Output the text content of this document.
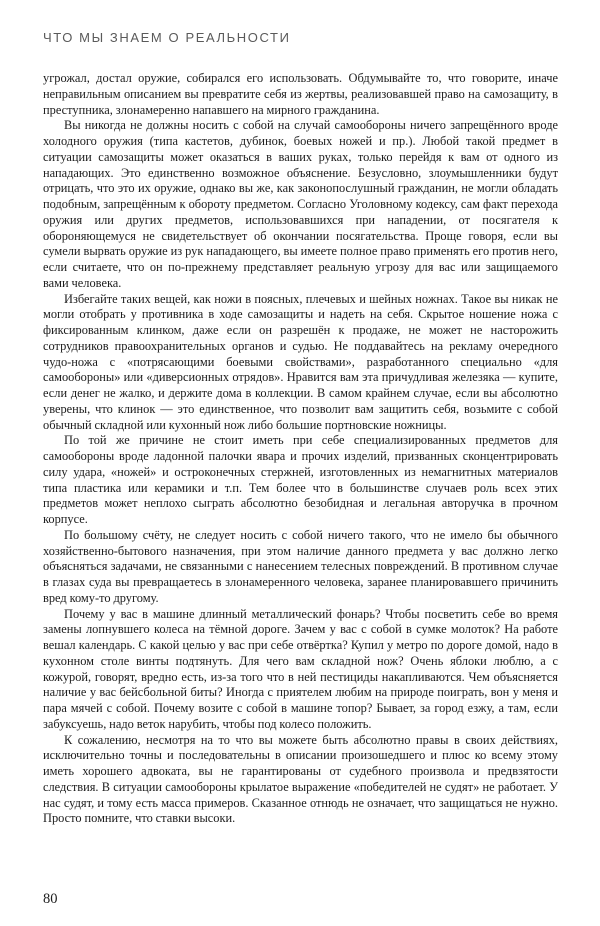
ЧТО МЫ ЗНАЕМ О РЕАЛЬНОСТИ

угрожал, достал оружие, собирался его использовать. Обдумывайте то, что говорите, иначе неправильным описанием вы превратите себя из жертвы, реализовавшей право на самозащиту, в преступника, злонамеренно напавшего на мирного гражданина.

Вы никогда не должны носить с собой на случай самообороны ничего запрещённого вроде холодного оружия (типа кастетов, дубинок, боевых ножей и пр.). Любой такой предмет в ситуации самозащиты может оказаться в ваших руках, только перейдя к вам от одного из нападающих. Это единственно возможное объяснение. Безусловно, злоумышленники будут отрицать, что это их оружие, однако вы же, как законопослушный гражданин, не могли обладать подобным, запрещённым к обороту предметом. Согласно Уголовному кодексу, сам факт перехода оружия или других предметов, использовавшихся при нападении, от посягателя к обороняющемуся не свидетельствует об окончании посягательства. Проще говоря, если вы сумели вырвать оружие из рук нападающего, вы имеете полное право применять его против него, если считаете, что он по-прежнему представляет реальную угрозу для вас или защищаемого вами человека.

Избегайте таких вещей, как ножи в поясных, плечевых и шейных ножнах. Такое вы никак не могли отобрать у противника в ходе самозащиты и надеть на себя. Скрытое ношение ножа с фиксированным клинком, даже если он разрешён к продаже, не может не насторожить сотрудников правоохранительных органов и судью. Не поддавайтесь на рекламу очередного чудо-ножа с «потрясающими боевыми свойствами», разработанного специально «для самообороны» или «диверсионных отрядов». Нравится вам эта причудливая железяка — купите, если денег не жалко, и держите дома в коллекции. В самом крайнем случае, если вы абсолютно уверены, что клинок — это единственное, что позволит вам защитить себя, возьмите с собой обычный складной или кухонный нож либо большие портновские ножницы.

По той же причине не стоит иметь при себе специализированных предметов для самообороны вроде ладонной палочки явара и прочих изделий, призванных сконцентрировать силу удара, «ножей» и остроконечных стержней, изготовленных из немагнитных материалов типа пластика или керамики и т.п. Тем более что в большинстве случаев роль всех этих предметов может неплохо сыграть абсолютно безобидная и легальная авторучка в прочном корпусе.

По большому счёту, не следует носить с собой ничего такого, что не имело бы обычного хозяйственно-бытового назначения, при этом наличие данного предмета у вас должно легко объясняться задачами, не связанными с нанесением телесных повреждений. В противном случае в глазах суда вы превращаетесь в злонамеренного человека, заранее планировавшего причинить вред кому-то другому.

Почему у вас в машине длинный металлический фонарь? Чтобы посветить себе во время замены лопнувшего колеса на тёмной дороге. Зачем у вас с собой в сумке молоток? На работе вешал календарь. С какой целью у вас при себе отвёртка? Купил у метро по дороге домой, надо в кухонном столе винты подтянуть. Для чего вам складной нож? Очень яблоки люблю, а с кожурой, говорят, вредно есть, из-за того что в ней пестициды накапливаются. Чем объясняется наличие у вас бейсбольной биты? Иногда с приятелем любим на природе поиграть, вон у меня и пара мячей с собой. Почему возите с собой в машине топор? Бывает, за город езжу, а там, если забуксуешь, надо веток нарубить, чтобы под колесо положить.

К сожалению, несмотря на то что вы можете быть абсолютно правы в своих действиях, исключительно точны и последовательны в описании произошедшего и плюс ко всему этому иметь хорошего адвоката, вы не гарантированы от судебного произвола и предвзятости следствия. В ситуации самообороны крылатое выражение «победителей не судят» не работает. У нас судят, и тому есть масса примеров. Сказанное отнюдь не означает, что защищаться не нужно. Просто помните, что ставки высоки.

80
